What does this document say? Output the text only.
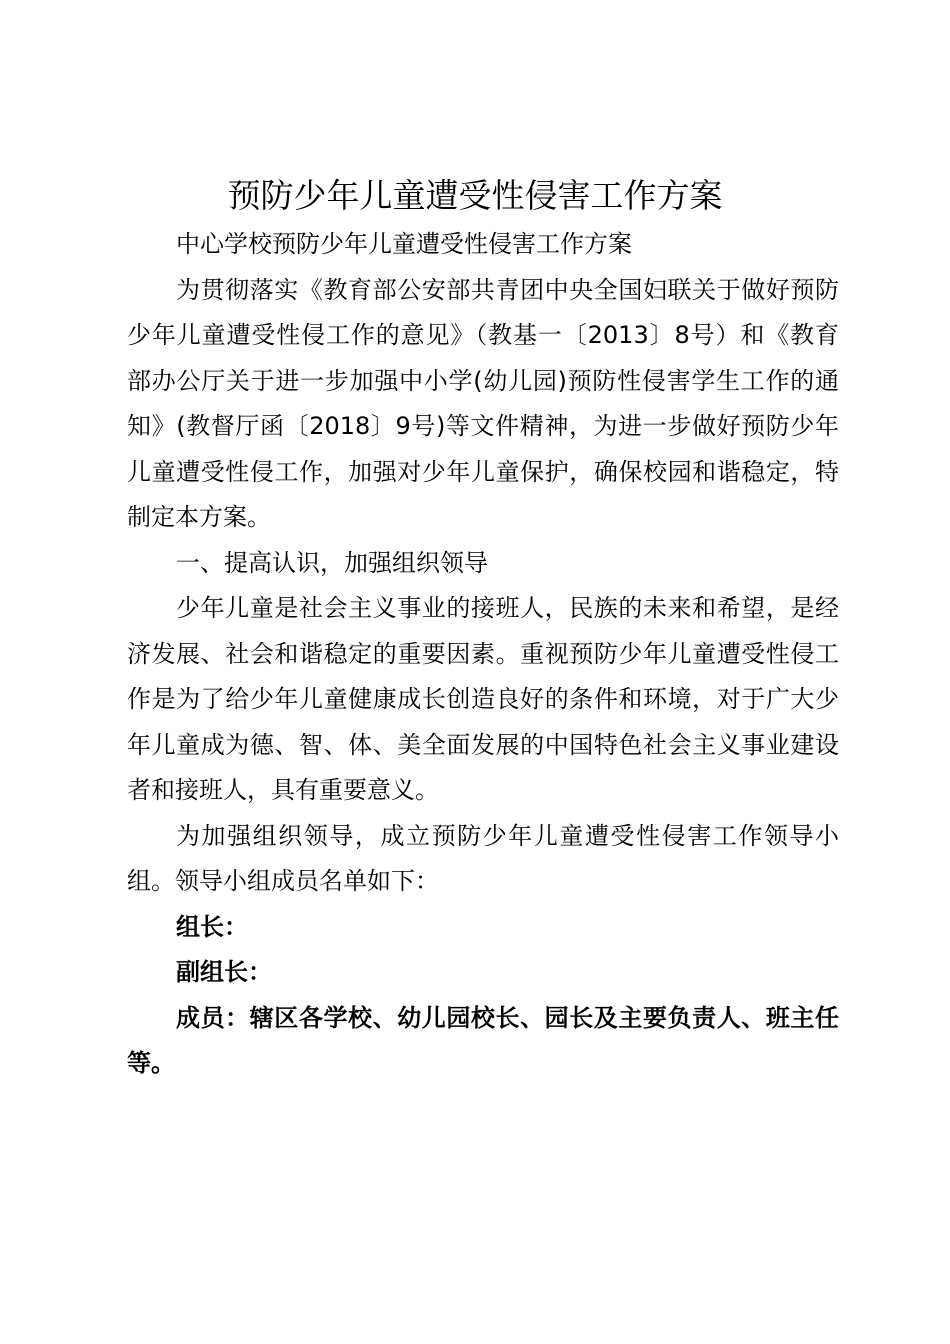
预防少年儿童遭受性侵害工作方案

中心学校预防少年儿童遭受性侵害工作方案

为贯彻落实《教育部公安部共青团中央全国妇联关于做好预防少年儿童遭受性侵工作的意见》（教基一〔2013〕8号）和《教育部办公厅关于进一步加强中小学(幼儿园)预防性侵害学生工作的通知》(教督厅函〔2018〕9号)等文件精神，为进一步做好预防少年儿童遭受性侵工作，加强对少年儿童保护，确保校园和谐稳定，特制定本方案。

一、提高认识，加强组织领导

少年儿童是社会主义事业的接班人，民族的未来和希望，是经济发展、社会和谐稳定的重要因素。重视预防少年儿童遭受性侵工作是为了给少年儿童健康成长创造良好的条件和环境，对于广大少年儿童成为德、智、体、美全面发展的中国特色社会主义事业建设者和接班人，具有重要意义。

为加强组织领导，成立预防少年儿童遭受性侵害工作领导小组。领导小组成员名单如下：

组长：

副组长：

成员：辖区各学校、幼儿园校长、园长及主要负责人、班主任等。
